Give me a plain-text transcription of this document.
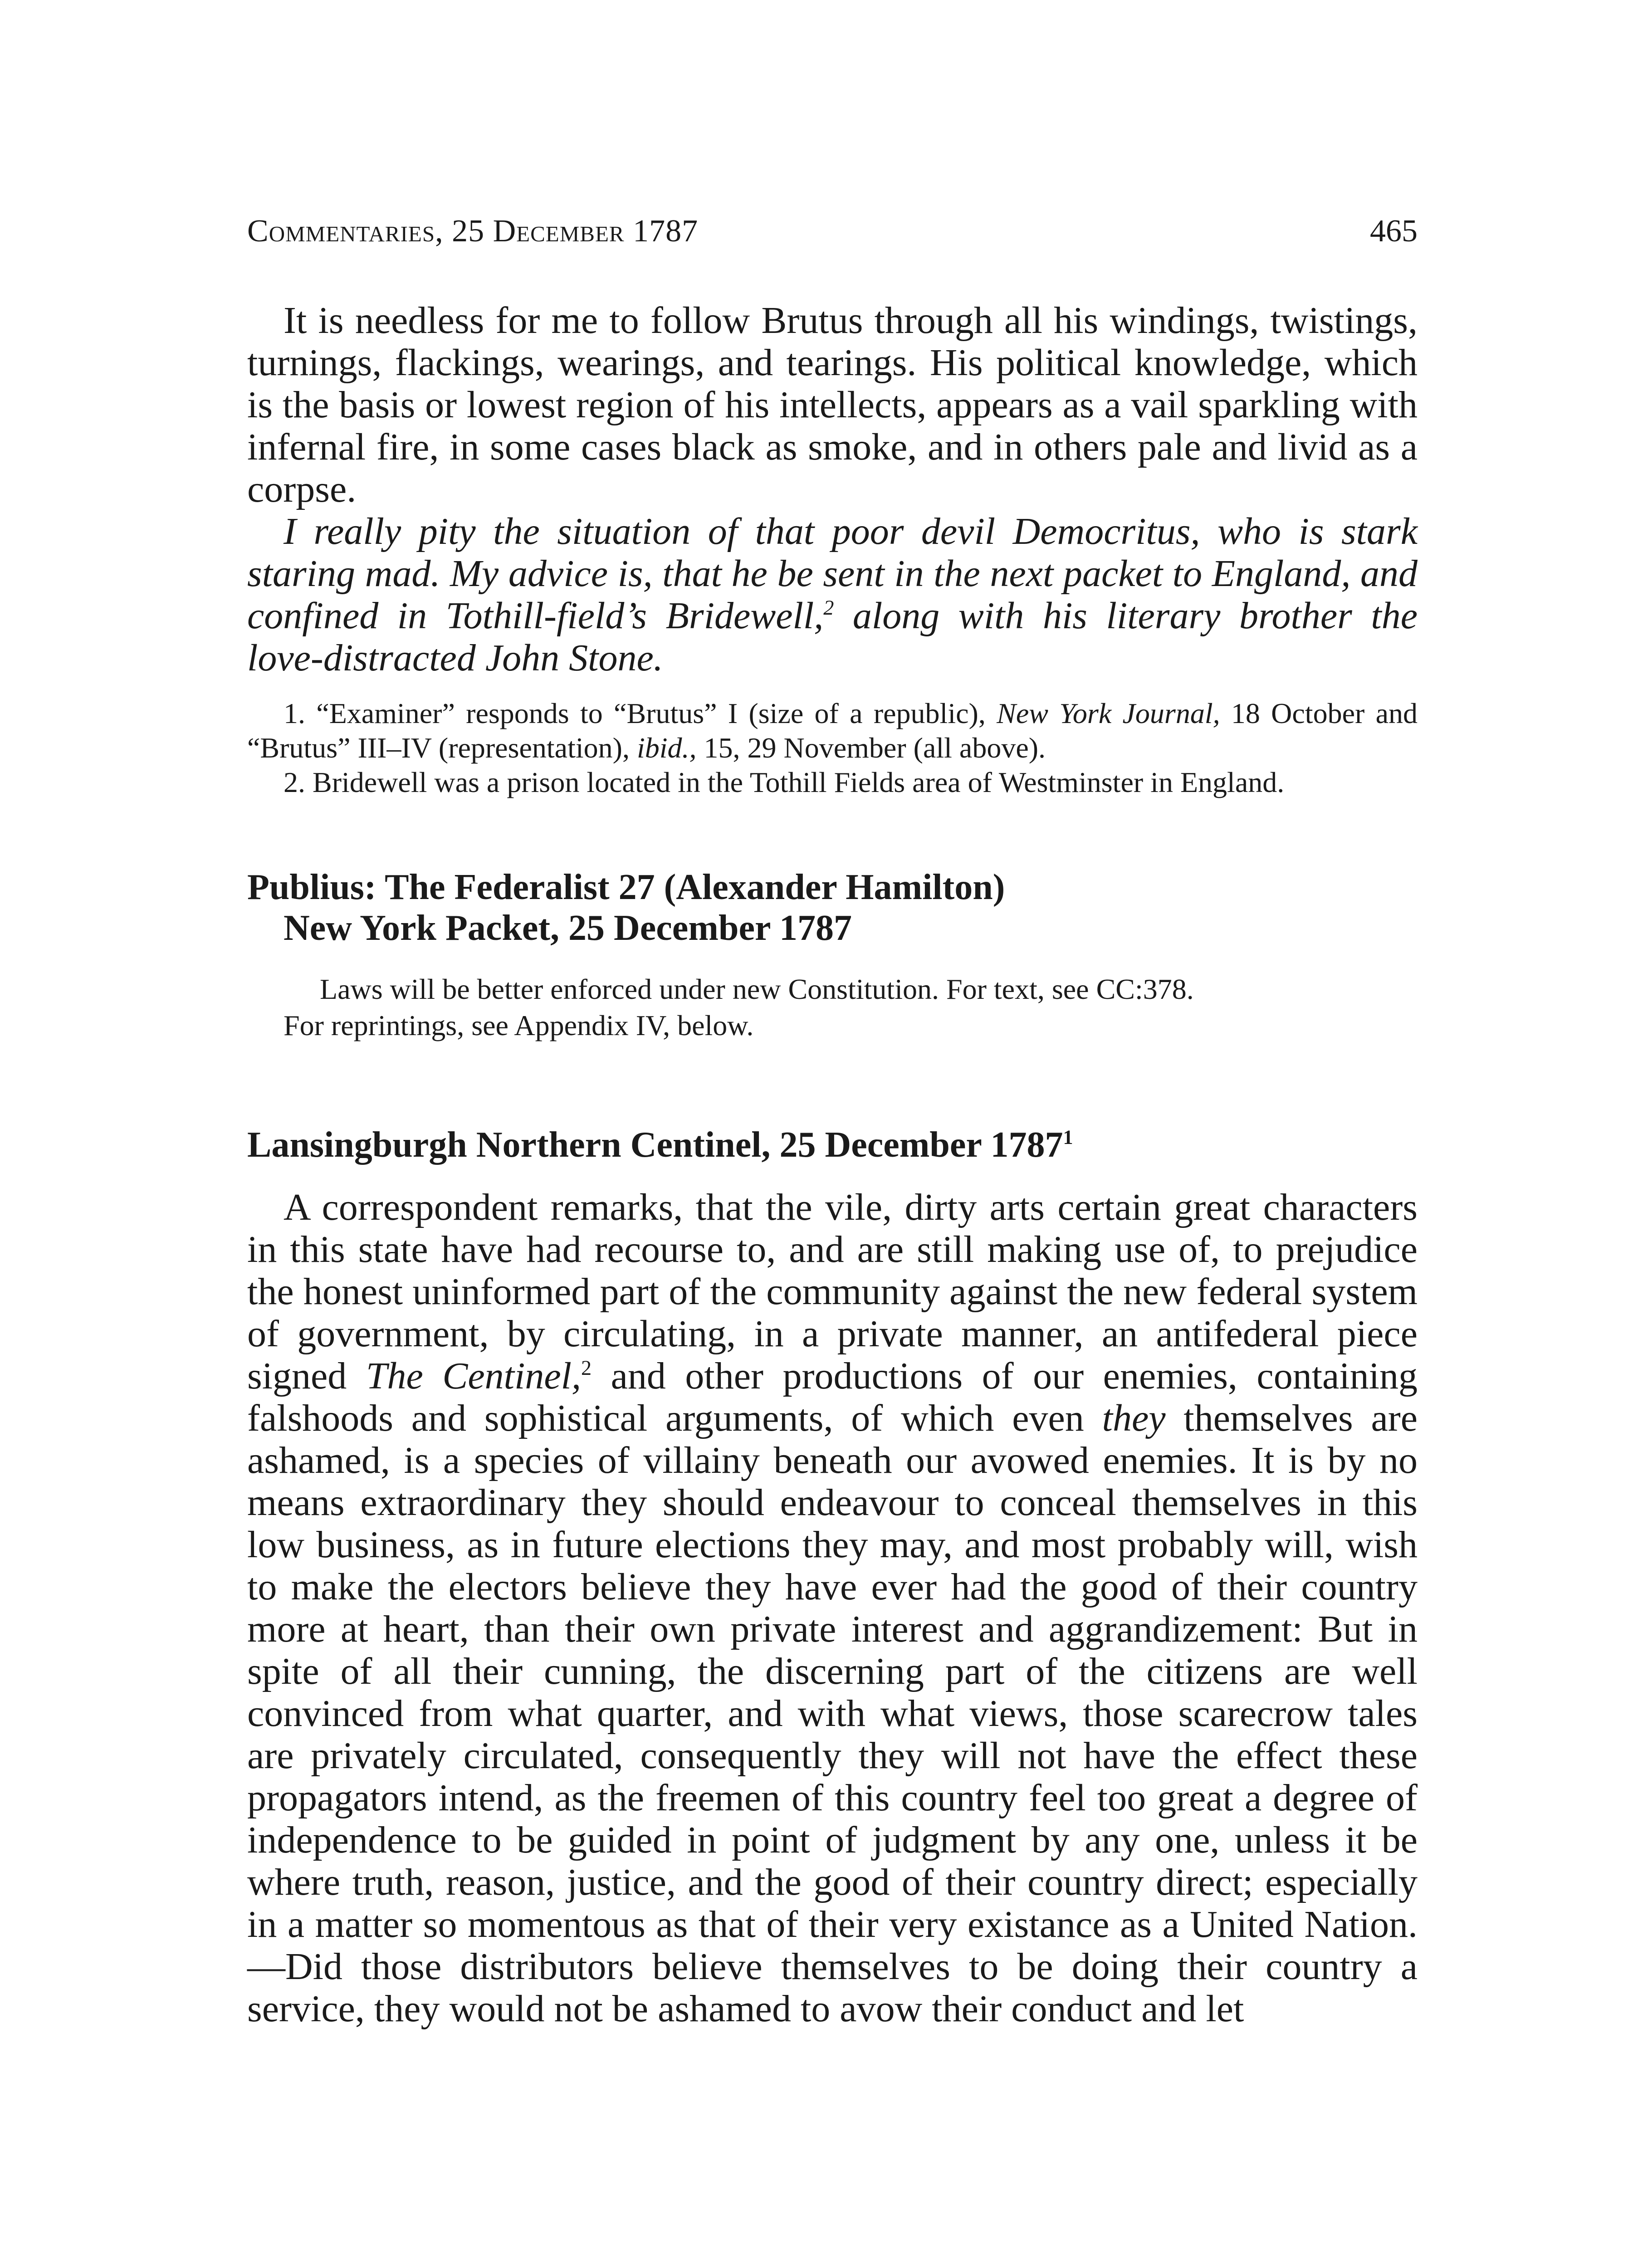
Commentaries, 25 December 1787	465

It is needless for me to follow Brutus through all his windings, twistings, turnings, flackings, wearings, and tearings. His political knowledge, which is the basis or lowest region of his intellects, appears as a vail sparkling with infernal fire, in some cases black as smoke, and in others pale and livid as a corpse.

I really pity the situation of that poor devil Democritus, who is stark staring mad. My advice is, that he be sent in the next packet to England, and confined in Tothill-field’s Bridewell,$^2$ along with his literary brother the love-distracted John Stone.

1. “Examiner” responds to “Brutus” I (size of a republic), New York Journal, 18 October and “Brutus” III–IV (representation), ibid., 15, 29 November (all above).

2. Bridewell was a prison located in the Tothill Fields area of Westminster in England.

Publius: The Federalist 27 (Alexander Hamilton)
New York Packet, 25 December 1787

Laws will be better enforced under new Constitution. For text, see CC:378.

For reprintings, see Appendix IV, below.

Lansingburgh Northern Centinel, 25 December 1787$^1$

A correspondent remarks, that the vile, dirty arts certain great characters in this state have had recourse to, and are still making use of, to prejudice the honest uninformed part of the community against the new federal system of government, by circulating, in a private manner, an antifederal piece signed The Centinel,$^2$ and other productions of our enemies, containing falshoods and sophistical arguments, of which even they themselves are ashamed, is a species of villainy beneath our avowed enemies. It is by no means extraordinary they should endeavour to conceal themselves in this low business, as in future elections they may, and most probably will, wish to make the electors believe they have ever had the good of their country more at heart, than their own private interest and aggrandizement: But in spite of all their cunning, the discerning part of the citizens are well convinced from what quarter, and with what views, those scarecrow tales are privately circulated, consequently they will not have the effect these propagators intend, as the freemen of this country feel too great a degree of independence to be guided in point of judgment by any one, unless it be where truth, reason, justice, and the good of their country direct; especially in a matter so momentous as that of their very existance as a United Nation.—Did those distributors believe themselves to be doing their country a service, they would not be ashamed to avow their conduct and let
